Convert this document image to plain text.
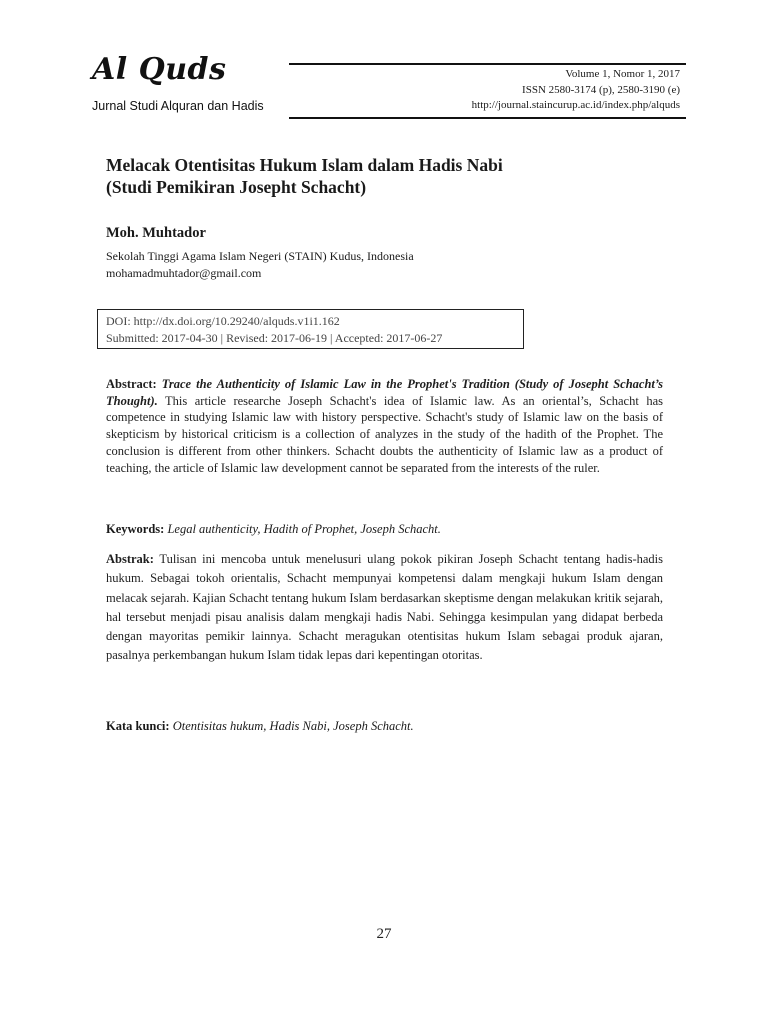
Al Quds
Jurnal Studi Alquran dan Hadis
Volume 1, Nomor 1, 2017
ISSN 2580-3174 (p), 2580-3190 (e)
http://journal.staincurup.ac.id/index.php/alquds
Melacak Otentisitas Hukum Islam dalam Hadis Nabi
(Studi Pemikiran Josepht Schacht)
Moh. Muhtador
Sekolah Tinggi Agama Islam Negeri (STAIN) Kudus, Indonesia
mohamadmuhtador@gmail.com
DOI: http://dx.doi.org/10.29240/alquds.v1i1.162
Submitted: 2017-04-30 | Revised: 2017-06-19 | Accepted: 2017-06-27
Abstract: Trace the Authenticity of Islamic Law in the Prophet's Tradition (Study of Josepht Schacht’s Thought). This article researche Joseph Schacht's idea of Islamic law. As an oriental’s, Schacht has competence in studying Islamic law with history perspective. Schacht's study of Islamic law on the basis of skepticism by historical criticism is a collection of analyzes in the study of the hadith of the Prophet. The conclusion is different from other thinkers. Schacht doubts the authenticity of Islamic law as a product of teaching, the article of Islamic law development cannot be separated from the interests of the ruler.
Keywords: Legal authenticity, Hadith of Prophet, Joseph Schacht.
Abstrak: Tulisan ini mencoba untuk menelusuri ulang pokok pikiran Joseph Schacht tentang hadis-hadis hukum. Sebagai tokoh orientalis, Schacht mempunyai kompetensi dalam mengkaji hukum Islam dengan melacak sejarah. Kajian Schacht tentang hukum Islam berdasarkan skeptisme dengan melakukan kritik sejarah, hal tersebut menjadi pisau analisis dalam mengkaji hadis Nabi. Sehingga kesimpulan yang didapat berbeda dengan mayoritas pemikir lainnya. Schacht meragukan otentisitas hukum Islam sebagai produk ajaran, pasalnya perkembangan hukum Islam tidak lepas dari kepentingan otoritas.
Kata kunci: Otentisitas hukum, Hadis Nabi, Joseph Schacht.
27
